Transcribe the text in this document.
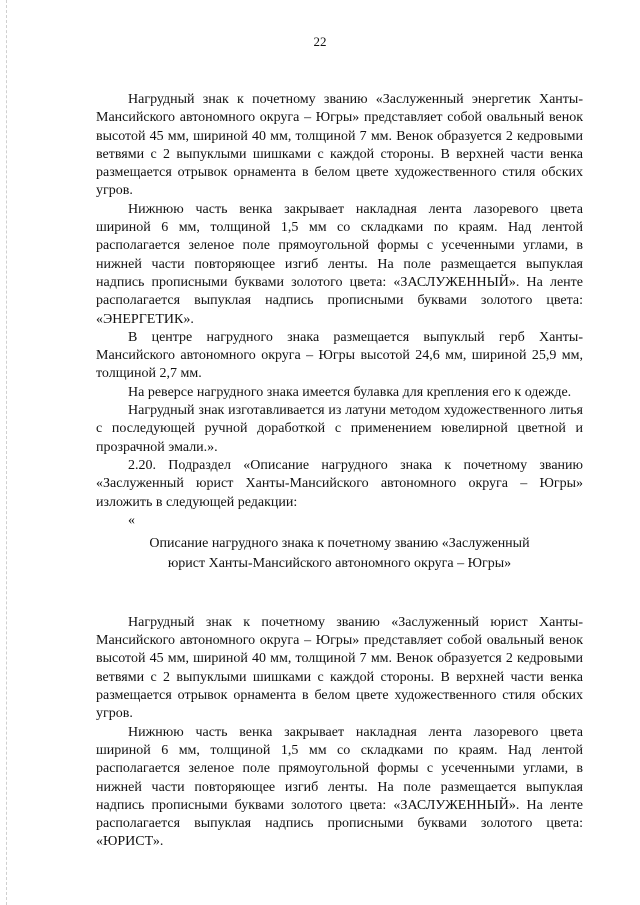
22

Нагрудный знак к почетному званию «Заслуженный энергетик Ханты-Мансийского автономного округа – Югры» представляет собой овальный венок высотой 45 мм, шириной 40 мм, толщиной 7 мм. Венок образуется 2 кедровыми ветвями с 2 выпуклыми шишками с каждой стороны. В верхней части венка размещается отрывок орнамента в белом цвете художественного стиля обских угров.

Нижнюю часть венка закрывает накладная лента лазоревого цвета шириной 6 мм, толщиной 1,5 мм со складками по краям. Над лентой располагается зеленое поле прямоугольной формы с усеченными углами, в нижней части повторяющее изгиб ленты. На поле размещается выпуклая надпись прописными буквами золотого цвета: «ЗАСЛУЖЕННЫЙ». На ленте располагается выпуклая надпись прописными буквами золотого цвета: «ЭНЕРГЕТИК».

В центре нагрудного знака размещается выпуклый герб Ханты-Мансийского автономного округа – Югры высотой 24,6 мм, шириной 25,9 мм, толщиной 2,7 мм.

На реверсе нагрудного знака имеется булавка для крепления его к одежде.

Нагрудный знак изготавливается из латуни методом художественного литья с последующей ручной доработкой с применением ювелирной цветной и прозрачной эмали.».

2.20. Подраздел «Описание нагрудного знака к почетному званию «Заслуженный юрист Ханты-Мансийского автономного округа – Югры» изложить в следующей редакции:

«

Описание нагрудного знака к почетному званию «Заслуженный
юрист Ханты-Мансийского автономного округа – Югры»

Нагрудный знак к почетному званию «Заслуженный юрист Ханты-Мансийского автономного округа – Югры» представляет собой овальный венок высотой 45 мм, шириной 40 мм, толщиной 7 мм. Венок образуется 2 кедровыми ветвями с 2 выпуклыми шишками с каждой стороны. В верхней части венка размещается отрывок орнамента в белом цвете художественного стиля обских угров.

Нижнюю часть венка закрывает накладная лента лазоревого цвета шириной 6 мм, толщиной 1,5 мм со складками по краям. Над лентой располагается зеленое поле прямоугольной формы с усеченными углами, в нижней части повторяющее изгиб ленты. На поле размещается выпуклая надпись прописными буквами золотого цвета: «ЗАСЛУЖЕННЫЙ». На ленте располагается выпуклая надпись прописными буквами золотого цвета: «ЮРИСТ».
